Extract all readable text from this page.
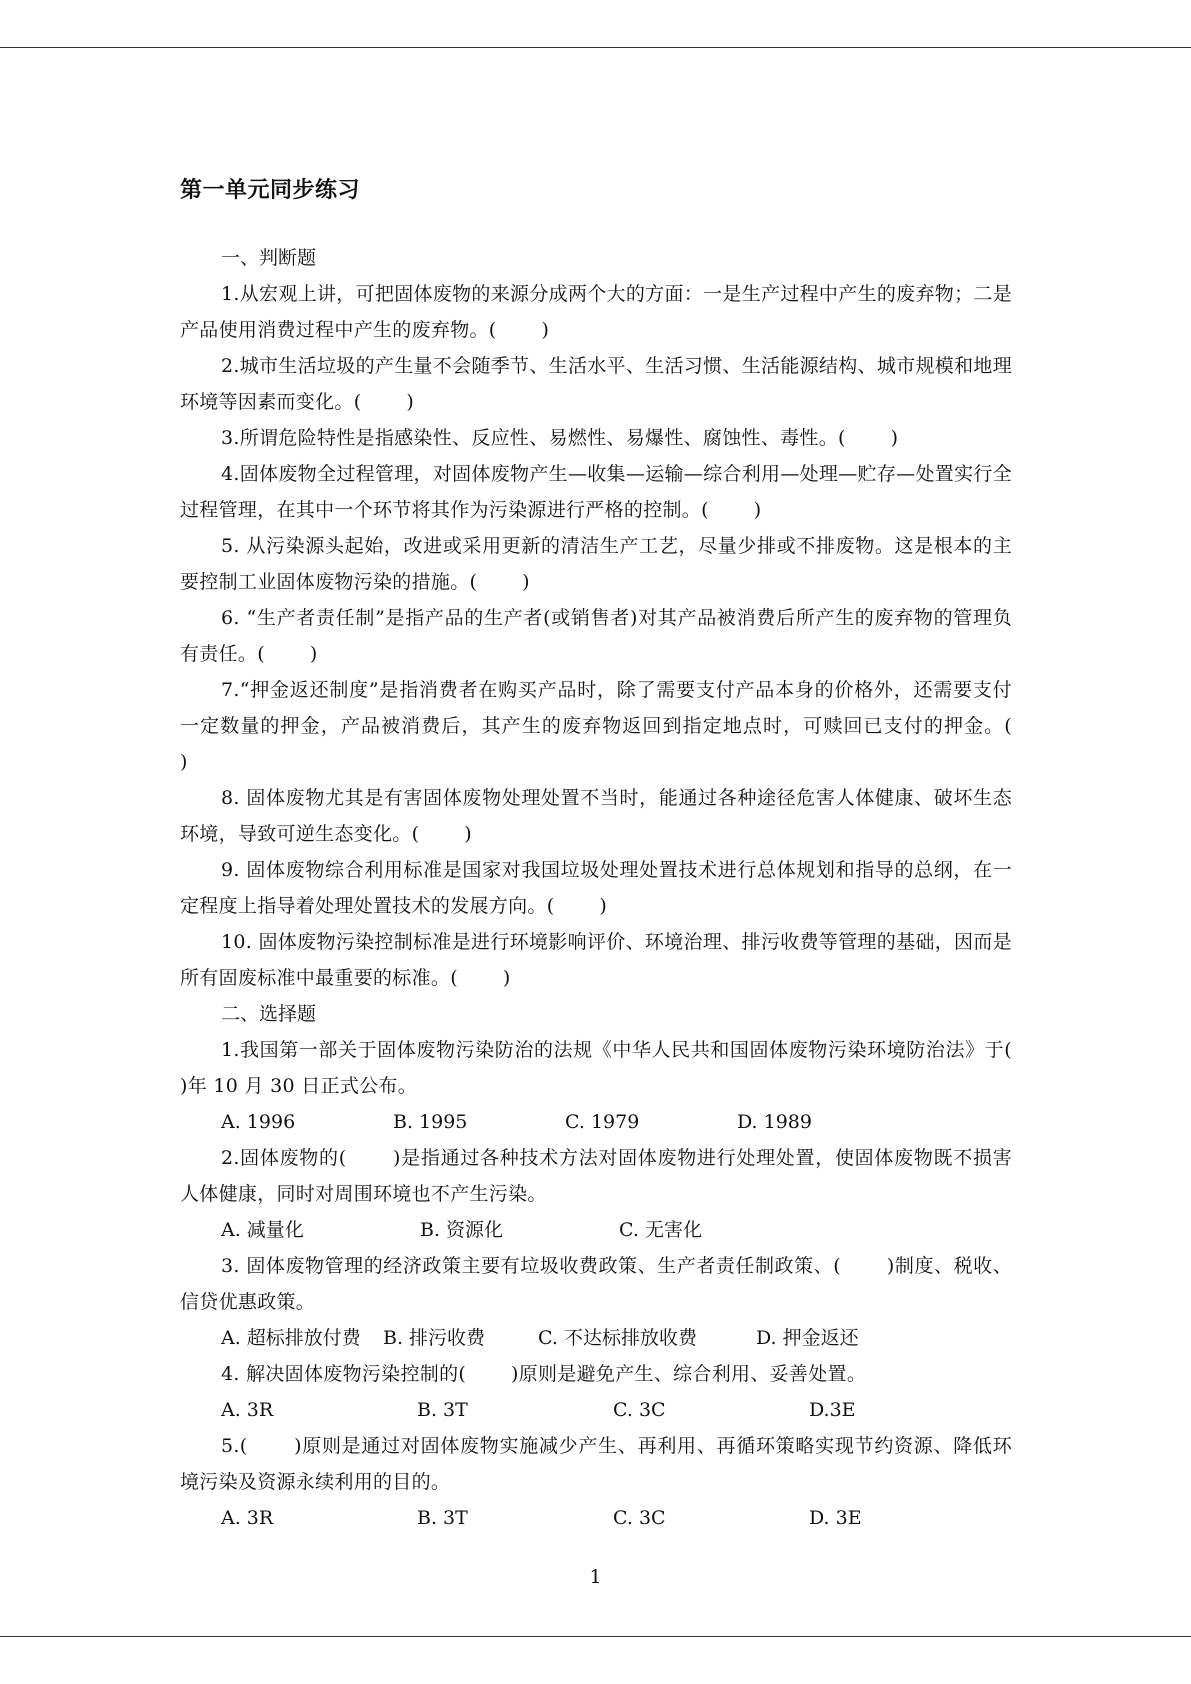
第一单元同步练习

一、判断题

1.从宏观上讲，可把固体废物的来源分成两个大的方面：一是生产过程中产生的废弃物；二是产品使用消费过程中产生的废弃物。(　　 )

2.城市生活垃圾的产生量不会随季节、生活水平、生活习惯、生活能源结构、城市规模和地理环境等因素而变化。(　　 )

3.所谓危险特性是指感染性、反应性、易燃性、易爆性、腐蚀性、毒性。(　　 )

4.固体废物全过程管理，对固体废物产生—收集—运输—综合利用—处理—贮存—处置实行全过程管理，在其中一个环节将其作为污染源进行严格的控制。(　　 )

5. 从污染源头起始，改进或采用更新的清洁生产工艺，尽量少排或不排废物。这是根本的主要控制工业固体废物污染的措施。(　　 )

6. “生产者责任制”是指产品的生产者(或销售者)对其产品被消费后所产生的废弃物的管理负有责任。(　　 )

7.“押金返还制度”是指消费者在购买产品时，除了需要支付产品本身的价格外，还需要支付一定数量的押金，产品被消费后，其产生的废弃物返回到指定地点时，可赎回已支付的押金。(　　 )

8. 固体废物尤其是有害固体废物处理处置不当时，能通过各种途径危害人体健康、破坏生态环境，导致可逆生态变化。(　　 )

9. 固体废物综合利用标准是国家对我国垃圾处理处置技术进行总体规划和指导的总纲，在一定程度上指导着处理处置技术的发展方向。(　　 )

10. 固体废物污染控制标准是进行环境影响评价、环境治理、排污收费等管理的基础，因而是所有固废标准中最重要的标准。(　　 )

二、选择题

1.我国第一部关于固体废物污染防治的法规《中华人民共和国固体废物污染环境防治法》于(　　 )年 10 月 30 日正式公布。

A. 1996	B. 1995	C. 1979	D. 1989

2.固体废物的(　　 )是指通过各种技术方法对固体废物进行处理处置，使固体废物既不损害人体健康，同时对周围环境也不产生污染。

A. 减量化	B. 资源化	C. 无害化

3. 固体废物管理的经济政策主要有垃圾收费政策、生产者责任制政策、(　　 )制度、税收、信贷优惠政策。

A. 超标排放付费	B. 排污收费	C. 不达标排放收费	D. 押金返还

4. 解决固体废物污染控制的(　　 )原则是避免产生、综合利用、妥善处置。

A. 3R	B. 3T	C. 3C	D.3E

5.(　　 )原则是通过对固体废物实施减少产生、再利用、再循环策略实现节约资源、降低环境污染及资源永续利用的目的。

A. 3R	B. 3T	C. 3C	D. 3E
1
